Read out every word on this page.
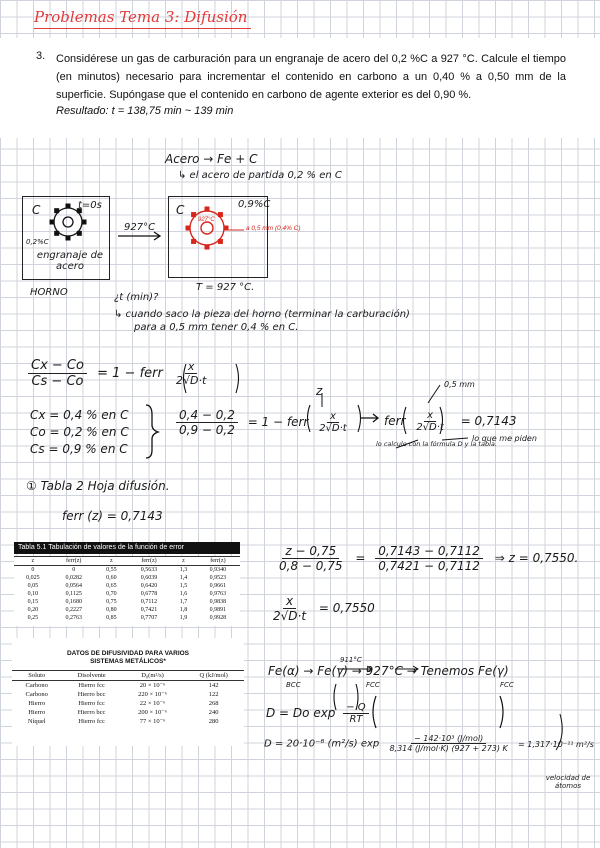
Problemas Tema 3: Difusión
3. Considérese un gas de carburación para un engranaje de acero del 0,2 %C a 927 °C. Calcule el tiempo (en minutos) necesario para incrementar el contenido en carbono a un 0,40 % a 0,50 mm de la superficie. Supóngase que el contenido en carbono de agente exterior es del 0,90 %.
Resultado: t = 138,75 min ~ 139 min
Acero → Fe + C
↳ el acero de partida 0,2 % en C
C	t=0s
0,2%C
engranaje de acero
927°C
C	0,9%C
927°C
a 0,5 mm (0,4% C)
HORNO	T = 927 °C.
¿t (min)?
↳ cuando saco la pieza del horno (terminar la carburación)
para a 0,5 mm tener 0,4 % en C.
$\frac{Cx - Co}{Cs - Co} = 1$ − ferr $\frac{x}{2√D\cdot t}$
Cx = 0,4 % en C
Co = 0,2 % en C
Cs = 0,9 % en C
$\frac{0,4 - 0,2}{0,9 - 0,2} = 1$ − ferr $\frac{x}{2√D\cdot t}$
z
ferr $\frac{x}{2√D\cdot t} = 0,7143$
0,5 mm
lo que me piden
lo calculo con la fórmula D y la tabla.
① Tabla 2 Hoja difusión.
ferr (z) = 0,7143
Tabla 5.1 Tabulación de valores de la función de error
z	ferr(z)	z	ferr(z)	z	ferr(z)
0	0	0,55	0,5633	1,3	0,9340
0,025	0,0282	0,60	0,6039	1,4	0,9523
0,05	0,0564	0,65	0,6420	1,5	0,9661
0,10	0,1125	0,70	0,6778	1,6	0,9763
0,15	0,1680	0,75	0,7112	1,7	0,9838
0,20	0,2227	0,80	0,7421	1,8	0,9891
0,25	0,2763	0,85	0,7707	1,9	0,9928
$\frac{z - 0,75}{0,8 - 0,75} = \frac{0,7143 - 0,7112}{0,7421 - 0,7112}$ ⇒ z = 0,7550.
$\frac{x}{2√D\cdot t} = 0,7550$
DATOS DE DIFUSIVIDAD PARA VARIOS
SISTEMAS METÁLICOS*
Soluto	Disolvente	D₀(m²/s)	Q (kJ/mol)
Carbono	Hierro fcc	20 × 10⁻⁶	142
Carbono	Hierro bcc	220 × 10⁻⁶	122
Hierro	Hierro fcc	22 × 10⁻⁶	268
Hierro	Hierro bcc	200 × 10⁻⁶	240
Níquel	Hierro fcc	77 × 10⁻⁶	280
Fe(α) → Fe(γ) → 927°C → Tenemos Fe(γ)
911°C
BCC	FCC	FCC
D = Do $\exp \frac{- Q}{RT}$
D = 20·10⁻⁶ (m²/s) $\exp \frac{\text{− 142·10³ (J/mol)}}{\text{8,314 (J/mol·K) (927 + 273) K}} = 1,317\cdot 10^{-11}$ m²/s
velocidad de átomos
